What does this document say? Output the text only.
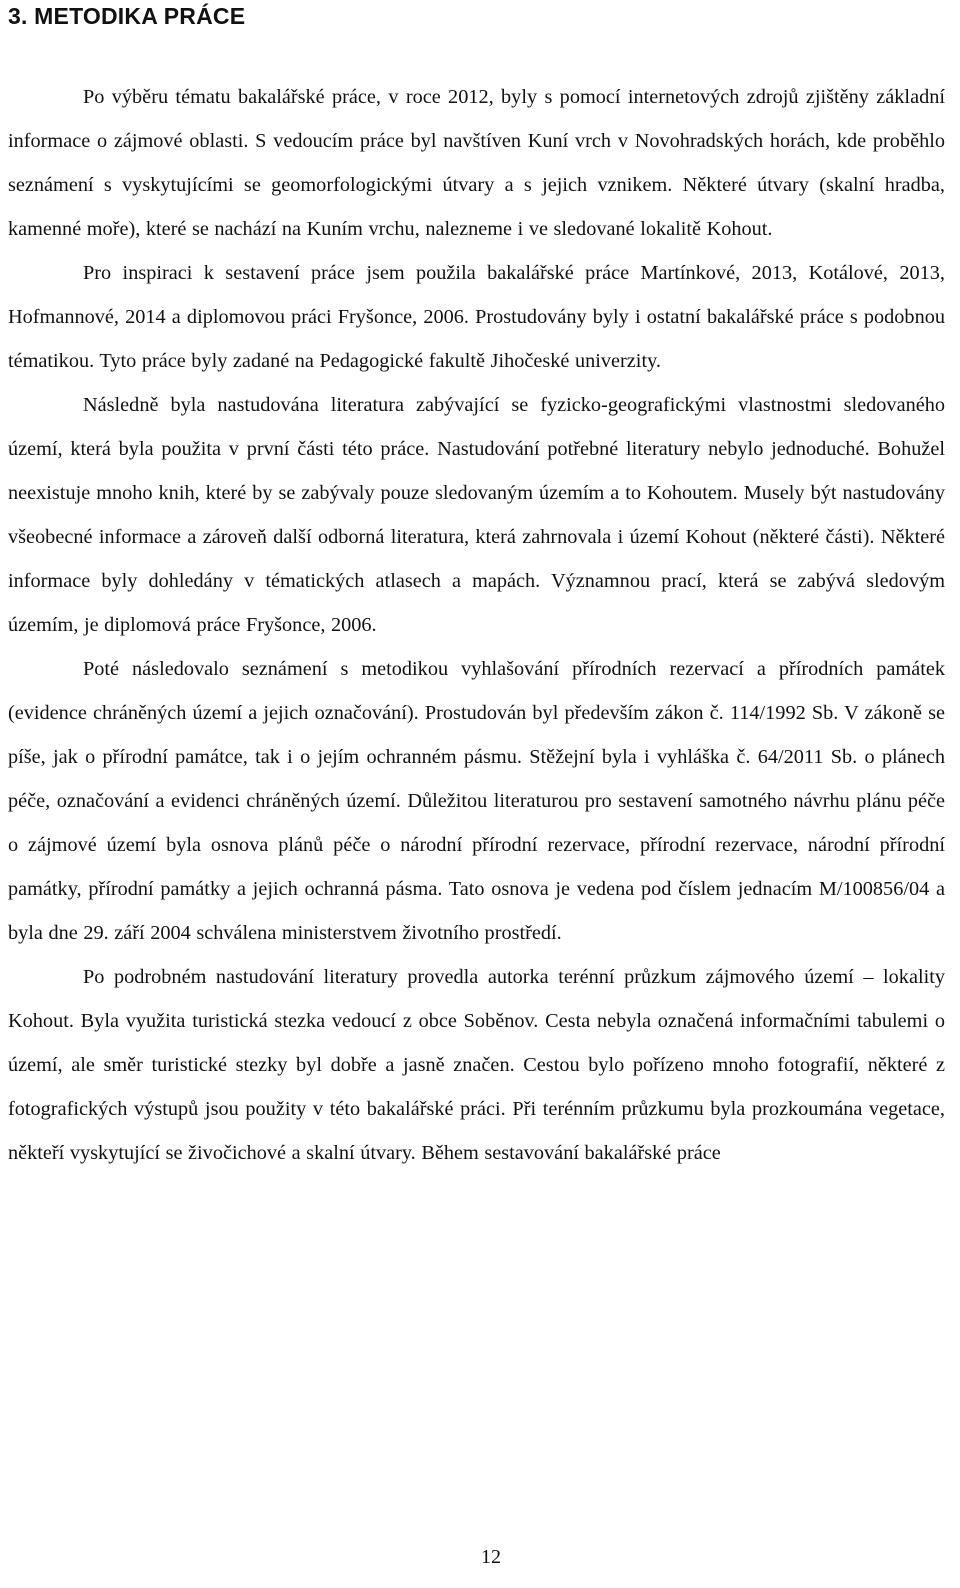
3. METODIKA PRÁCE

Po výběru tématu bakalářské práce, v roce 2012, byly s pomocí internetových zdrojů zjištěny základní informace o zájmové oblasti. S vedoucím práce byl navštíven Kuní vrch v Novohradských horách, kde proběhlo seznámení s vyskytujícími se geomorfologickými útvary a s jejich vznikem. Některé útvary (skalní hradba, kamenné moře), které se nachází na Kuním vrchu, nalezneme i ve sledované lokalitě Kohout.

Pro inspiraci k sestavení práce jsem použila bakalářské práce Martínkové, 2013, Kotálové, 2013, Hofmannové, 2014 a diplomovou práci Fryšonce, 2006. Prostudovány byly i ostatní bakalářské práce s podobnou tématikou. Tyto práce byly zadané na Pedagogické fakultě Jihočeské univerzity.

Následně byla nastudována literatura zabývající se fyzicko-geografickými vlastnostmi sledovaného území, která byla použita v první části této práce. Nastudování potřebné literatury nebylo jednoduché. Bohužel neexistuje mnoho knih, které by se zabývaly pouze sledovaným územím a to Kohoutem. Musely být nastudovány všeobecné informace a zároveň další odborná literatura, která zahrnovala i území Kohout (některé části). Některé informace byly dohledány v tématických atlasech a mapách. Významnou prací, která se zabývá sledovým územím, je diplomová práce Fryšonce, 2006.

Poté následovalo seznámení s metodikou vyhlašování přírodních rezervací a přírodních památek (evidence chráněných území a jejich označování). Prostudován byl především zákon č. 114/1992 Sb. V zákoně se píše, jak o přírodní památce, tak i o jejím ochranném pásmu. Stěžejní byla i vyhláška č. 64/2011 Sb. o plánech péče, označování a evidenci chráněných území. Důležitou literaturou pro sestavení samotného návrhu plánu péče o zájmové území byla osnova plánů péče o národní přírodní rezervace, přírodní rezervace, národní přírodní památky, přírodní památky a jejich ochranná pásma. Tato osnova je vedena pod číslem jednacím M/100856/04 a byla dne 29. září 2004 schválena ministerstvem životního prostředí.

Po podrobném nastudování literatury provedla autorka terénní průzkum zájmového území – lokality Kohout. Byla využita turistická stezka vedoucí z obce Soběnov. Cesta nebyla označená informačními tabulemi o území, ale směr turistické stezky byl dobře a jasně značen. Cestou bylo pořízeno mnoho fotografií, některé z fotografických výstupů jsou použity v této bakalářské práci. Při terénním průzkumu byla prozkoumána vegetace, někteří vyskytující se živočichové a skalní útvary. Během sestavování bakalářské práce

12
